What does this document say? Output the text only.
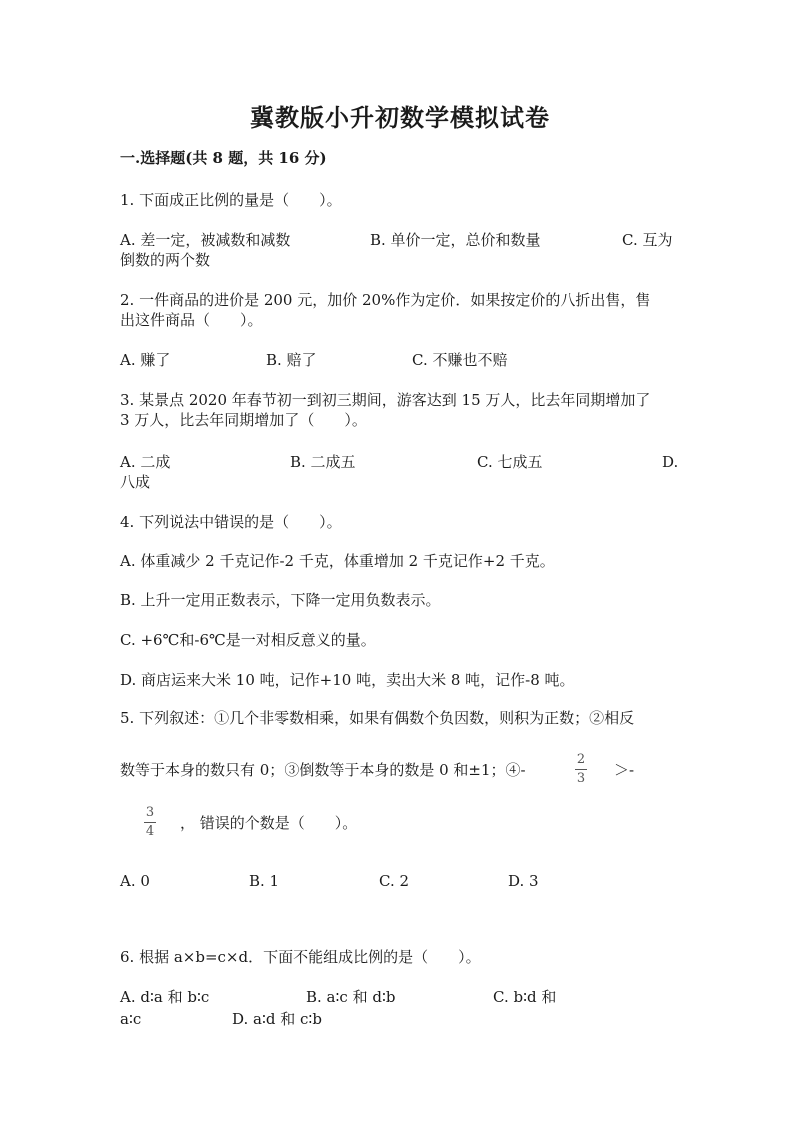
冀教版小升初数学模拟试卷
一.选择题(共 8 题，共 16 分)
1. 下面成正比例的量是（　　）。
A. 差一定，被减数和减数	B. 单价一定，总价和数量	C. 互为
倒数的两个数
2. 一件商品的进价是 200 元，加价 20%作为定价．如果按定价的八折出售，售
出这件商品（　　）。
A. 赚了	B. 赔了	C. 不赚也不赔
3. 某景点 2020 年春节初一到初三期间，游客达到 15 万人，比去年同期增加了
3 万人，比去年同期增加了（　　）。
A. 二成	B. 二成五	C. 七成五	D.
八成
4. 下列说法中错误的是（　　）。
A. 体重减少 2 千克记作-2 千克，体重增加 2 千克记作+2 千克。
B. 上升一定用正数表示，下降一定用负数表示。
C. +6℃和-6℃是一对相反意义的量。
D. 商店运来大米 10 吨，记作+10 吨，卖出大米 8 吨，记作-8 吨。
5. 下列叙述：①几个非零数相乘，如果有偶数个负因数，则积为正数；②相反
数等于本身的数只有 0；③倒数等于本身的数是 0 和±1；④-
2
3 ＞-
3
4 ， 错误的个数是（　　）。
A. 0	B. 1	C. 2	D. 3
6. 根据 a×b=c×d．下面不能组成比例的是（　　）。
A. d∶a 和 b∶c	B. a∶c 和 d∶b	C. b∶d 和
a∶c	D. a∶d 和 c∶b
